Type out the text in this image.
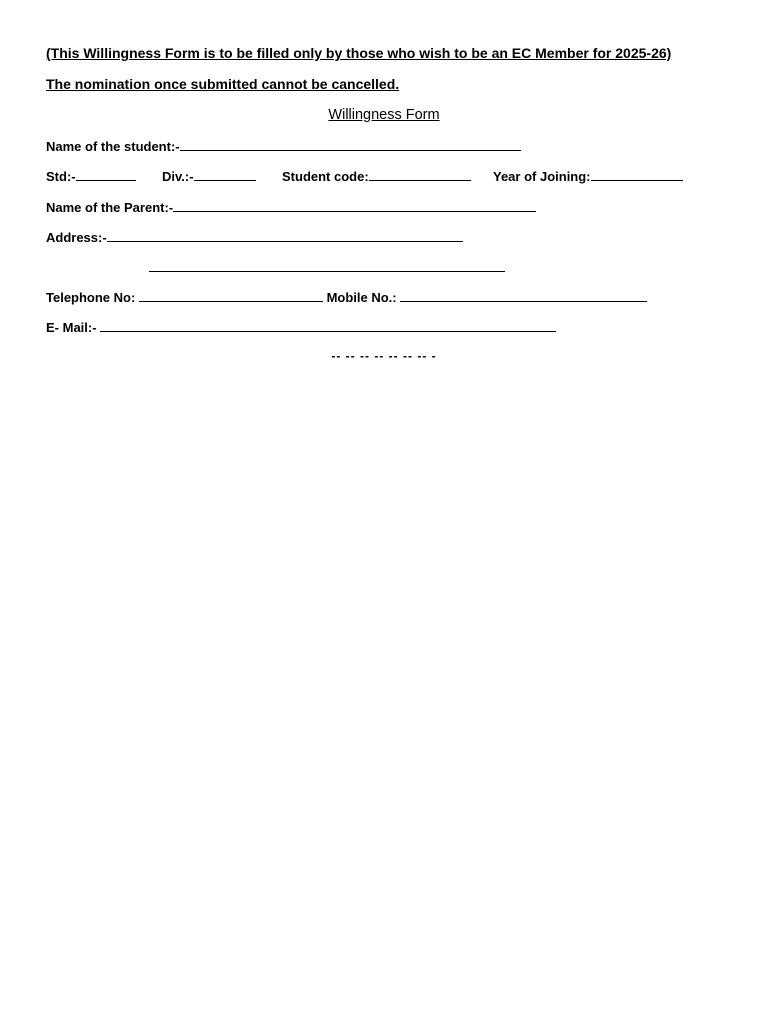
(This Willingness Form is to be filled only by those who wish to be an EC Member for 2025-26)
The nomination once submitted cannot be cancelled.
Willingness Form
Name of the student:-
Std:-	Div.:-	Student code:	Year of Joining:
Name of the Parent:-
Address:-
Telephone No:	Mobile No.:
E- Mail:-
-- -- -- -- -- -- -- -
